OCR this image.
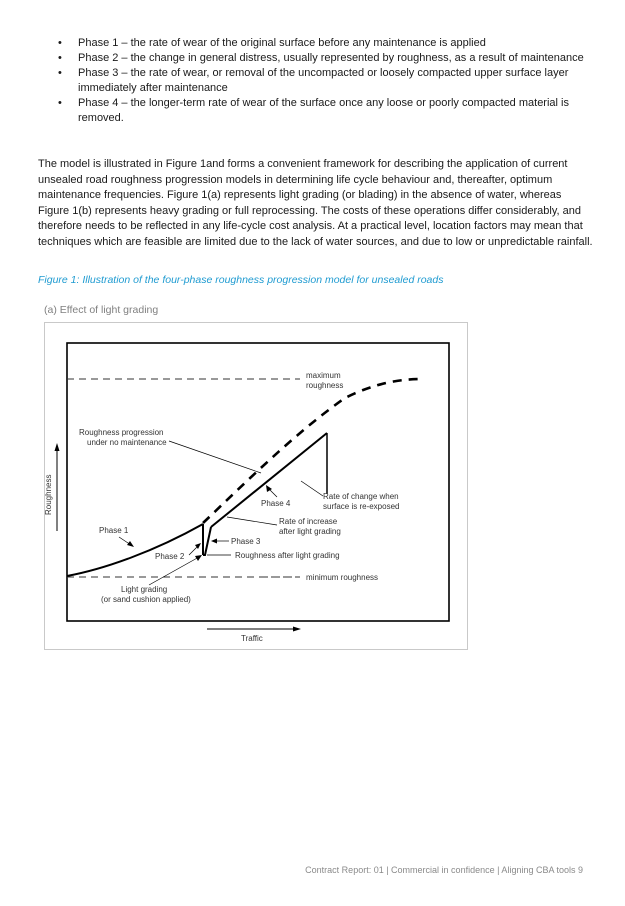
• Phase 1 – the rate of wear of the original surface before any maintenance is applied
• Phase 2 – the change in general distress, usually represented by roughness, as a result of maintenance
• Phase 3 – the rate of wear, or removal of the uncompacted or loosely compacted upper surface layer immediately after maintenance
• Phase 4 – the longer-term rate of wear of the surface once any loose or poorly compacted material is removed.

The model is illustrated in Figure 1and forms a convenient framework for describing the application of current unsealed road roughness progression models in determining life cycle behaviour and, thereafter, optimum maintenance frequencies. Figure 1(a) represents light grading (or blading) in the absence of water, whereas Figure 1(b) represents heavy grading or full reprocessing. The costs of these operations differ considerably, and therefore needs to be reflected in any life-cycle cost analysis. At a practical level, location factors may mean that techniques which are feasible are limited due to the lack of water sources, and due to low or unpredictable rainfall.

Figure 1: Illustration of the four-phase roughness progression model for unsealed roads

(a) Effect of light grading

maximum
roughness
minimum roughness
Roughness
Traffic
Roughness progression
under no maintenance
Phase 1
Phase 2
Phase 3
Phase 4
Rate of change when
surface is re-exposed
Rate of increase
after light grading
Roughness after light grading
Light grading
(or sand cushion applied)

Contract Report: 01 | Commercial in confidence | Aligning CBA tools 9
